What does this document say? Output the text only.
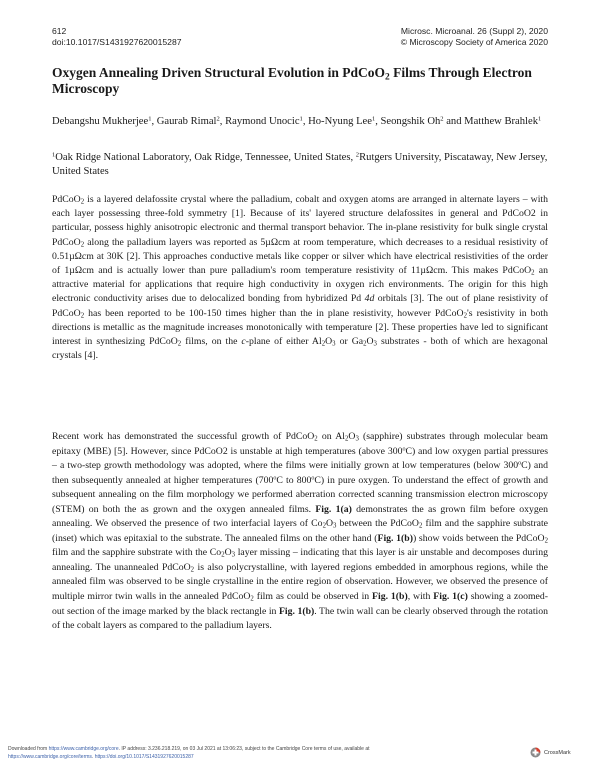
612
doi:10.1017/S1431927620015287
Microsc. Microanal. 26 (Suppl 2), 2020
© Microscopy Society of America 2020
Oxygen Annealing Driven Structural Evolution in PdCoO$_2$ Films Through Electron Microscopy

Debangshu Mukherjee$^1$, Gaurab Rimal$^2$, Raymond Unocic$^1$, Ho-Nyung Lee$^1$, Seongshik Oh$^2$ and Matthew Brahlek$^1$

$^1$Oak Ridge National Laboratory, Oak Ridge, Tennessee, United States, $^2$Rutgers University, Piscataway, New Jersey, United States

PdCoO$_2$ is a layered delafossite crystal where the palladium, cobalt and oxygen atoms are arranged in alternate layers – with each layer possessing three-fold symmetry [1]. Because of its' layered structure delafossites in general and PdCoO2 in particular, possess highly anisotropic electronic and thermal transport behavior. The in-plane resistivity for bulk single crystal PdCoO$_2$ along the palladium layers was reported as 5µΩcm at room temperature, which decreases to a residual resistivity of 0.51µΩcm at 30K [2]. This approaches conductive metals like copper or silver which have electrical resistivities of the order of 1µΩcm and is actually lower than pure palladium's room temperature resistivity of 11µΩcm. This makes PdCoO$_2$ an attractive material for applications that require high conductivity in oxygen rich environments. The origin for this high electronic conductivity arises due to delocalized bonding from hybridized Pd 4d orbitals [3]. The out of plane resistivity of PdCoO$_2$ has been reported to be 100-150 times higher than the in plane resistivity, however PdCoO$_2$'s resistivity in both directions is metallic as the magnitude increases monotonically with temperature [2]. These properties have led to significant interest in synthesizing PdCoO$_2$ films, on the c-plane of either $Al_2O_3$ or $Ga_2O_3$ substrates - both of which are hexagonal crystals [4].

Recent work has demonstrated the successful growth of PdCoO$_2$ on $Al_2O_3$ (sapphire) substrates through molecular beam epitaxy (MBE) [5]. However, since PdCoO2 is unstable at high temperatures (above 300$^o$C) and low oxygen partial pressures – a two-step growth methodology was adopted, where the films were initially grown at low temperatures (below 300$^o$C) and then subsequently annealed at higher temperatures (700$^o$C to 800$^o$C) in pure oxygen. To understand the effect of growth and subsequent annealing on the film morphology we performed aberration corrected scanning transmission electron microscopy (STEM) on both the as grown and the oxygen annealed films. Fig. 1(a) demonstrates the as grown film before oxygen annealing. We observed the presence of two interfacial layers of $Co_2O_3$ between the PdCoO$_2$ film and the sapphire substrate (inset) which was epitaxial to the substrate. The annealed films on the other hand (Fig. 1(b)) show voids between the PdCoO$_2$ film and the sapphire substrate with the $Co_2O_3$ layer missing – indicating that this layer is air unstable and decomposes during annealing. The unannealed PdCoO$_2$ is also polycrystalline, with layered regions embedded in amorphous regions, while the annealed film was observed to be single crystalline in the entire region of observation. However, we observed the presence of multiple mirror twin walls in the annealed PdCoO$_2$ film as could be observed in Fig. 1(b), with Fig. 1(c) showing a zoomed-out section of the image marked by the black rectangle in Fig. 1(b). The twin wall can be clearly observed through the rotation of the cobalt layers as compared to the palladium layers.

Downloaded from https://www.cambridge.org/core. IP address: 3.236.218.219, on 03 Jul 2021 at 13:06:23, subject to the Cambridge Core terms of use, available at
https://www.cambridge.org/core/terms. https://doi.org/10.1017/S1431927620015287
CrossMark
